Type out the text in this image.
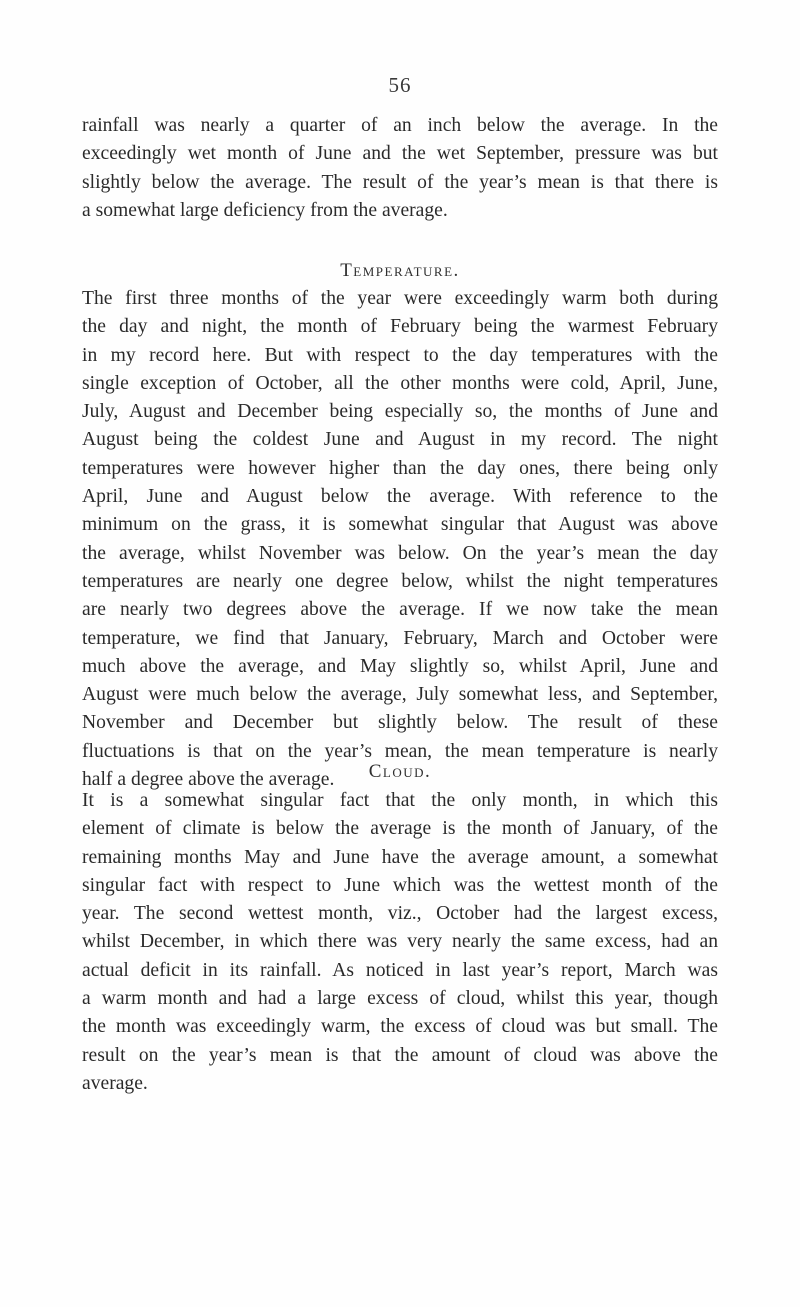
56
rainfall was nearly a quarter of an inch below the average. In the
exceedingly wet month of June and the wet September, pressure was but
slightly below the average. The result of the year’s mean is that there is
a somewhat large deficiency from the average.
Temperature.
The first three months of the year were exceedingly warm both during
the day and night, the month of February being the warmest February
in my record here. But with respect to the day temperatures with the
single exception of October, all the other months were cold, April, June,
July, August and December being especially so, the months of June and
August being the coldest June and August in my record. The night
temperatures were however higher than the day ones, there being only
April, June and August below the average. With reference to the
minimum on the grass, it is somewhat singular that August was above
the average, whilst November was below. On the year’s mean the day
temperatures are nearly one degree below, whilst the night temperatures
are nearly two degrees above the average. If we now take the mean
temperature, we find that January, February, March and October were
much above the average, and May slightly so, whilst April, June and
August were much below the average, July somewhat less, and September,
November and December but slightly below. The result of these
fluctuations is that on the year’s mean, the mean temperature is nearly
half a degree above the average.	Cloud.
It is a somewhat singular fact that the only month, in which this
element of climate is below the average is the month of January, of the
remaining months May and June have the average amount, a somewhat
singular fact with respect to June which was the wettest month of the
year. The second wettest month, viz., October had the largest excess,
whilst December, in which there was very nearly the same excess, had an
actual deficit in its rainfall. As noticed in last year’s report, March was
a warm month and had a large excess of cloud, whilst this year, though
the month was exceedingly warm, the excess of cloud was but small. The
result on the year’s mean is that the amount of cloud was above the
average.
